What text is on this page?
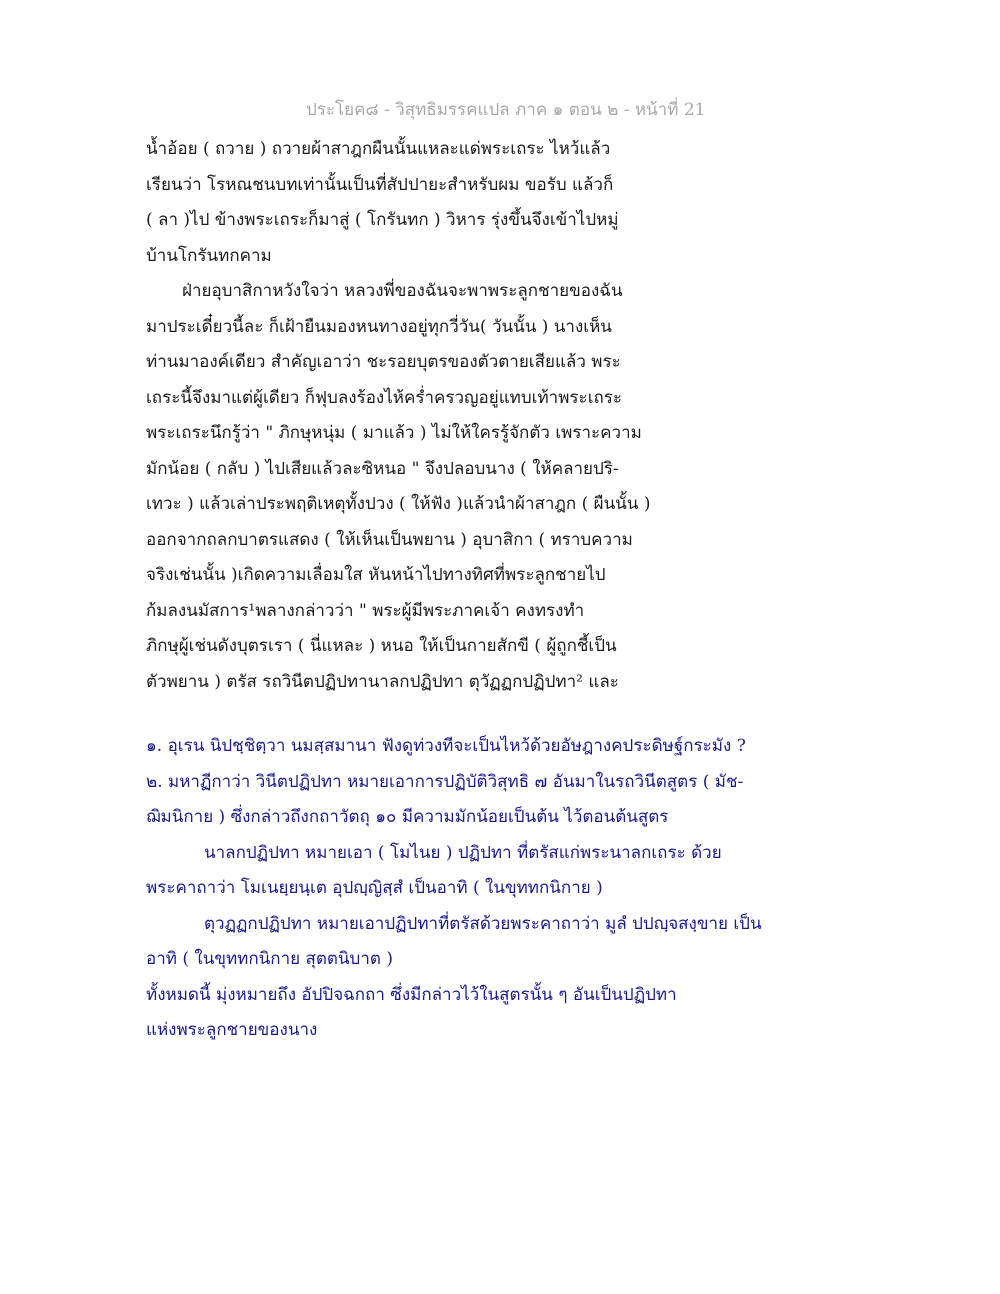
ประโยค๘ - วิสุทธิมรรคแปล ภาค ๑ ตอน ๒ - หน้าที่ 21
น้ำอ้อย ( ถวาย ) ถวายผ้าสาฎกผืนนั้นแหละแด่พระเถระ ไหว้แล้ว
เรียนว่า โรหณชนบทเท่านั้นเป็นที่สัปปายะสำหรับผม ขอรับ แล้วก็
( ลา )ไป ข้างพระเถระก็มาสู่ ( โกรันทก ) วิหาร รุ่งขึ้นจึงเข้าไปหมู่
บ้านโกรันทกคาม
ฝ่ายอุบาสิกาหวังใจว่า หลวงพี่ของฉันจะพาพระลูกชายของฉัน
มาประเดี๋ยวนี้ละ ก็เฝ้ายืนมองหนทางอยู่ทุกวี่วัน( วันนั้น ) นางเห็น
ท่านมาองค์เดียว สำคัญเอาว่า ชะรอยบุตรของตัวตายเสียแล้ว พระ
เถระนี้จึงมาแต่ผู้เดียว ก็ฟุบลงร้องไห้คร่ำครวญอยู่แทบเท้าพระเถระ
พระเถระนึกรู้ว่า " ภิกษุหนุ่ม ( มาแล้ว ) ไม่ให้ใครรู้จักตัว เพราะความ
มักน้อย ( กลับ ) ไปเสียแล้วละซิหนอ " จึงปลอบนาง ( ให้คลายปริ-
เทวะ ) แล้วเล่าประพฤติเหตุทั้งปวง ( ให้ฟัง )แล้วนำผ้าสาฎก ( ผืนนั้น )
ออกจากถลกบาตรแสดง ( ให้เห็นเป็นพยาน ) อุบาสิกา ( ทราบความ
จริงเช่นนั้น )เกิดความเลื่อมใส หันหน้าไปทางทิศที่พระลูกชายไป
ก้มลงนมัสการ¹พลางกล่าวว่า " พระผู้มีพระภาคเจ้า คงทรงทำ
ภิกษุผู้เช่นดังบุตรเรา ( นี่แหละ ) หนอ ให้เป็นกายสักขี ( ผู้ถูกชี้เป็น
ตัวพยาน ) ตรัส รถวินีตปฏิปทานาลกปฏิปทา ตุวัฏฏกปฏิปทา² และ
๑. อุเรน นิปชฺชิตฺวา นมสฺสมานา ฟังดูท่วงทีจะเป็นไหว้ด้วยอัษฎางคประดิษฐ์กระมัง ?
๒. มหาฏีกาว่า วินีตปฏิปทา หมายเอาการปฏิบัติวิสุทธิ ๗ อันมาในรถวินีตสูตร ( มัช-
ฌิมนิกาย ) ซึ่งกล่าวถึงกถาวัตถุ ๑๐ มีความมักน้อยเป็นต้น ไว้ตอนต้นสูตร
นาลกปฏิปทา หมายเอา ( โมไนย ) ปฏิปทา ที่ตรัสแก่พระนาลกเถระ ด้วย
พระคาถาว่า โมเนยฺยนฺเต อุปญฺญิสฺสํ เป็นอาทิ ( ในขุททกนิกาย )
ตุวฏฏกปฏิปทา หมายเอาปฏิปทาที่ตรัสด้วยพระคาถาว่า มูลํ ปปญฺจสงฺขาย เป็น
อาทิ ( ในขุททกนิกาย สุตตนิบาต )
ทั้งหมดนี้ มุ่งหมายถึง อัปปิจฉกถา ซึ่งมีกล่าวไว้ในสูตรนั้น ๆ อันเป็นปฏิปทา
แห่งพระลูกชายของนาง
